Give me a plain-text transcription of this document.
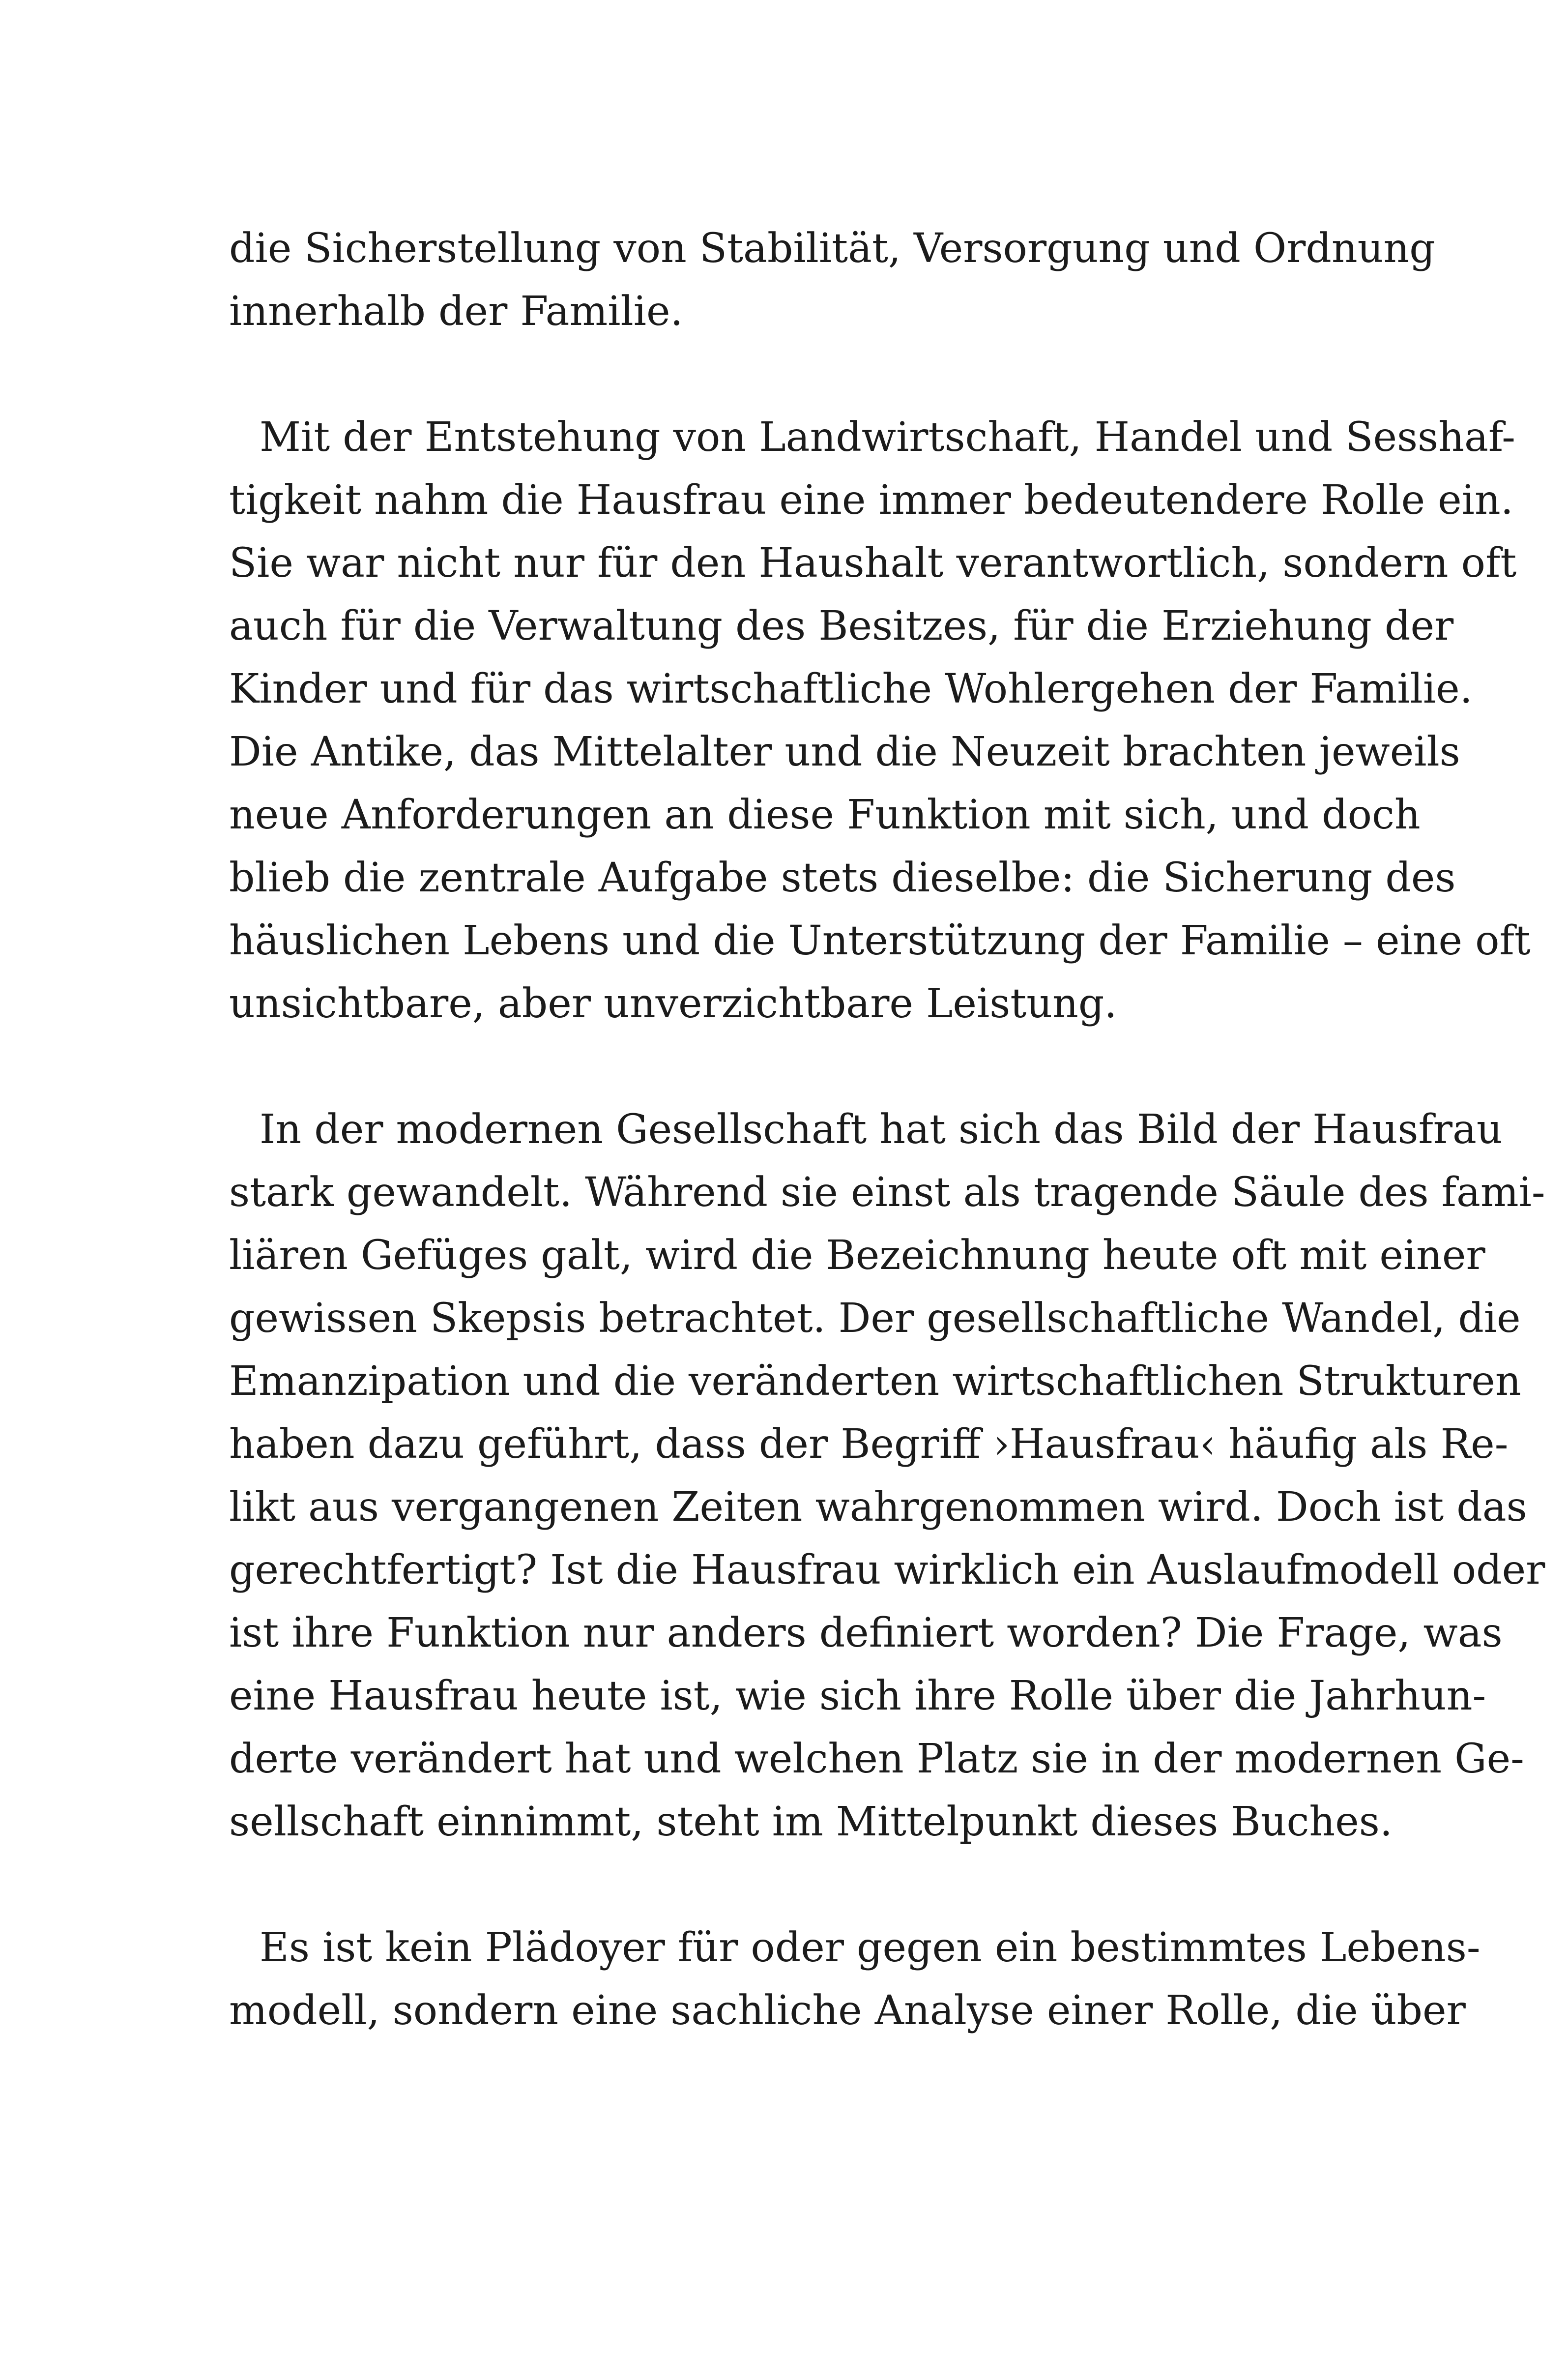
die Sicherstellung von Stabilität, Versorgung und Ordnung
innerhalb der Familie.
Mit der Entstehung von Landwirtschaft, Handel und Sesshaf-
tigkeit nahm die Hausfrau eine immer bedeutendere Rolle ein.
Sie war nicht nur für den Haushalt verantwortlich, sondern oft
auch für die Verwaltung des Besitzes, für die Erziehung der
Kinder und für das wirtschaftliche Wohlergehen der Familie.
Die Antike, das Mittelalter und die Neuzeit brachten jeweils
neue Anforderungen an diese Funktion mit sich, und doch
blieb die zentrale Aufgabe stets dieselbe: die Sicherung des
häuslichen Lebens und die Unterstützung der Familie – eine oft
unsichtbare, aber unverzichtbare Leistung.
In der modernen Gesellschaft hat sich das Bild der Hausfrau
stark gewandelt. Während sie einst als tragende Säule des fami-
liären Gefüges galt, wird die Bezeichnung heute oft mit einer
gewissen Skepsis betrachtet. Der gesellschaftliche Wandel, die
Emanzipation und die veränderten wirtschaftlichen Strukturen
haben dazu geführt, dass der Begriff ›Hausfrau‹ häufig als Re-
likt aus vergangenen Zeiten wahrgenommen wird. Doch ist das
gerechtfertigt? Ist die Hausfrau wirklich ein Auslaufmodell oder
ist ihre Funktion nur anders definiert worden? Die Frage, was
eine Hausfrau heute ist, wie sich ihre Rolle über die Jahrhun-
derte verändert hat und welchen Platz sie in der modernen Ge-
sellschaft einnimmt, steht im Mittelpunkt dieses Buches.
Es ist kein Plädoyer für oder gegen ein bestimmtes Lebens-
modell, sondern eine sachliche Analyse einer Rolle, die über
